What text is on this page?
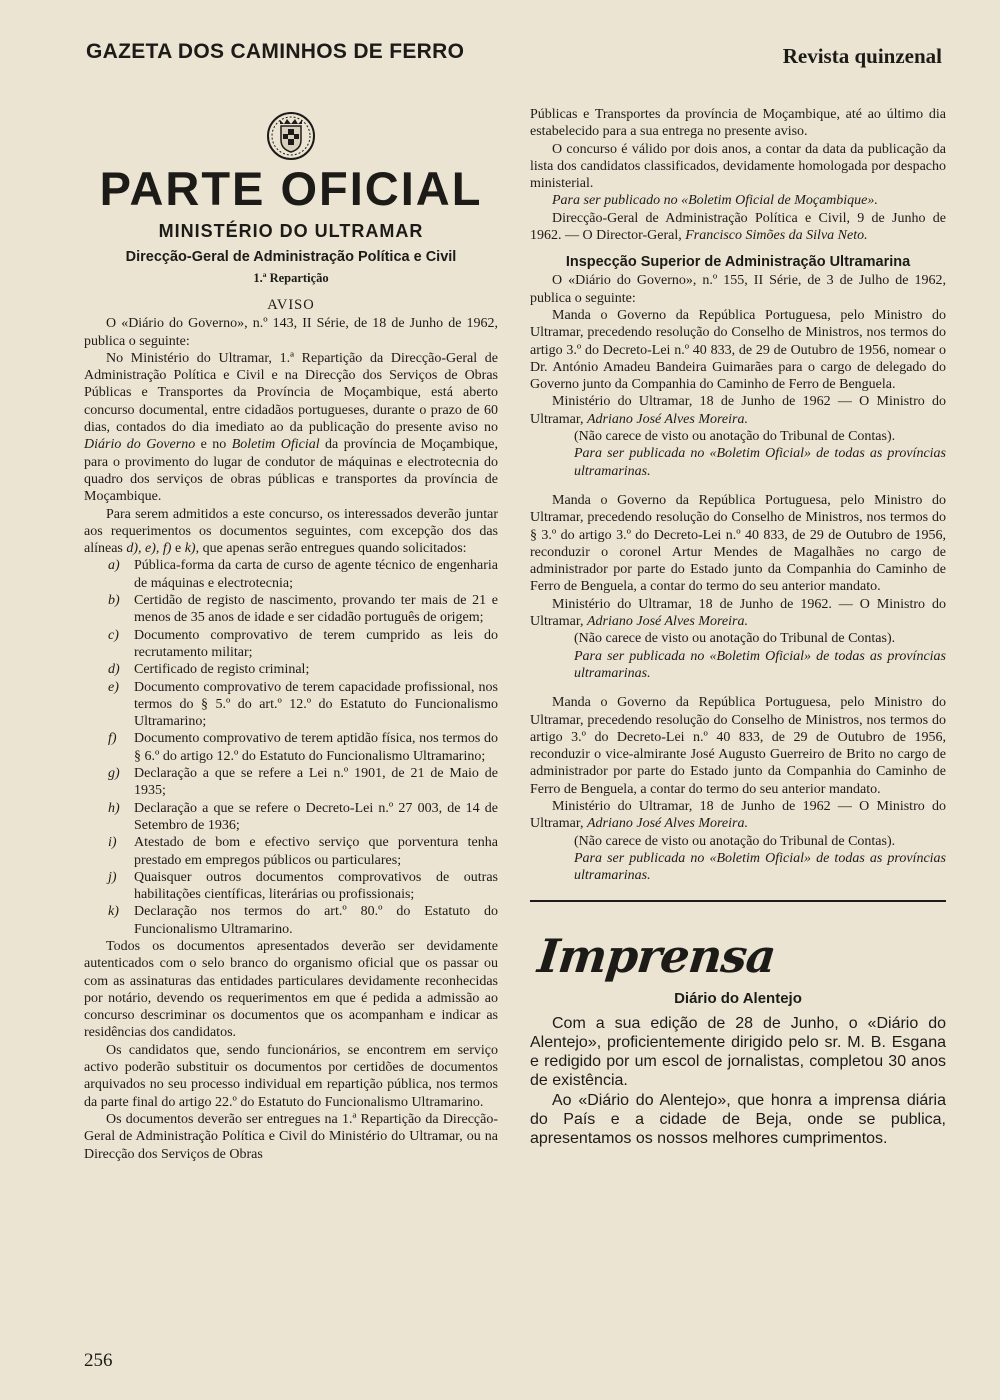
GAZETA DOS CAMINHOS DE FERRO	Revista quinzenal
PARTE OFICIAL
MINISTÉRIO DO ULTRAMAR
Direcção-Geral de Administração Política e Civil
1.ª Repartição
AVISO

O «Diário do Governo», n.º 143, II Série, de 18 de Junho de 1962, publica o seguinte:

No Ministério do Ultramar, 1.ª Repartição da Direcção-Geral de Administração Política e Civil e na Direcção dos Serviços de Obras Públicas e Transportes da Província de Moçambique, está aberto concurso documental, entre cidadãos portugueses, durante o prazo de 60 dias, contados do dia imediato ao da publicação do presente aviso no Diário do Governo e no Boletim Oficial da província de Moçambique, para o provimento do lugar de condutor de máquinas e electrotecnia do quadro dos serviços de obras públicas e transportes da província de Moçambique.

Para serem admitidos a este concurso, os interessados deverão juntar aos requerimentos os documentos seguintes, com excepção dos das alíneas d), e), f) e k), que apenas serão entregues quando solicitados:

a) Pública-forma da carta de curso de agente técnico de engenharia de máquinas e electrotecnia;
b) Certidão de registo de nascimento, provando ter mais de 21 e menos de 35 anos de idade e ser cidadão português de origem;
c) Documento comprovativo de terem cumprido as leis do recrutamento militar;
d) Certificado de registo criminal;
e) Documento comprovativo de terem capacidade profissional, nos termos do § 5.º do art.º 12.º do Estatuto do Funcionalismo Ultramarino;
f) Documento comprovativo de terem aptidão física, nos termos do § 6.º do artigo 12.º do Estatuto do Funcionalismo Ultramarino;
g) Declaração a que se refere a Lei n.º 1901, de 21 de Maio de 1935;
h) Declaração a que se refere o Decreto-Lei n.º 27 003, de 14 de Setembro de 1936;
i) Atestado de bom e efectivo serviço que porventura tenha prestado em empregos públicos ou particulares;
j) Quaisquer outros documentos comprovativos de outras habilitações científicas, literárias ou profissionais;
k) Declaração nos termos do art.º 80.º do Estatuto do Funcionalismo Ultramarino.

Todos os documentos apresentados deverão ser devidamente autenticados com o selo branco do organismo oficial que os passar ou com as assinaturas das entidades particulares devidamente reconhecidas por notário, devendo os requerimentos em que é pedida a admissão ao concurso descriminar os documentos que os acompanham e indicar as residências dos candidatos.

Os candidatos que, sendo funcionários, se encontrem em serviço activo poderão substituir os documentos por certidões de documentos arquivados no seu processo individual em repartição pública, nos termos da parte final do artigo 22.º do Estatuto do Funcionalismo Ultramarino.

Os documentos deverão ser entregues na 1.ª Repartição da Direcção-Geral de Administração Política e Civil do Ministério do Ultramar, ou na Direcção dos Serviços de Obras

Públicas e Transportes da província de Moçambique, até ao último dia estabelecido para a sua entrega no presente aviso.

O concurso é válido por dois anos, a contar da data da publicação da lista dos candidatos classificados, devidamente homologada por despacho ministerial.

Para ser publicado no «Boletim Oficial de Moçambique».

Direcção-Geral de Administração Política e Civil, 9 de Junho de 1962. — O Director-Geral, Francisco Simões da Silva Neto.

Inspecção Superior de Administração Ultramarina

O «Diário do Governo», n.º 155, II Série, de 3 de Julho de 1962, publica o seguinte:

Manda o Governo da República Portuguesa, pelo Ministro do Ultramar, precedendo resolução do Conselho de Ministros, nos termos do artigo 3.º do Decreto-Lei n.º 40 833, de 29 de Outubro de 1956, nomear o Dr. António Amadeu Bandeira Guimarães para o cargo de delegado do Governo junto da Companhia do Caminho de Ferro de Benguela.

Ministério do Ultramar, 18 de Junho de 1962 — O Ministro do Ultramar, Adriano José Alves Moreira.

(Não carece de visto ou anotação do Tribunal de Contas).

Para ser publicada no «Boletim Oficial» de todas as províncias ultramarinas.

Manda o Governo da República Portuguesa, pelo Ministro do Ultramar, precedendo resolução do Conselho de Ministros, nos termos do § 3.º do artigo 3.º do Decreto-Lei n.º 40 833, de 29 de Outubro de 1956, reconduzir o coronel Artur Mendes de Magalhães no cargo de administrador por parte do Estado junto da Companhia do Caminho de Ferro de Benguela, a contar do termo do seu anterior mandato.

Ministério do Ultramar, 18 de Junho de 1962. — O Ministro do Ultramar, Adriano José Alves Moreira.

(Não carece de visto ou anotação do Tribunal de Contas).

Para ser publicada no «Boletim Oficial» de todas as províncias ultramarinas.

Manda o Governo da República Portuguesa, pelo Ministro do Ultramar, precedendo resolução do Conselho de Ministros, nos termos do artigo 3.º do Decreto-Lei n.º 40 833, de 29 de Outubro de 1956, reconduzir o vice-almirante José Augusto Guerreiro de Brito no cargo de administrador por parte do Estado junto da Companhia do Caminho de Ferro de Benguela, a contar do termo do seu anterior mandato.

Ministério do Ultramar, 18 de Junho de 1962 — O Ministro do Ultramar, Adriano José Alves Moreira.

(Não carece de visto ou anotação do Tribunal de Contas).

Para ser publicada no «Boletim Oficial» de todas as províncias ultramarinas.

Imprensa
Diário do Alentejo

Com a sua edição de 28 de Junho, o «Diário do Alentejo», proficientemente dirigido pelo sr. M. B. Esgana e redigido por um escol de jornalistas, completou 30 anos de existência.

Ao «Diário do Alentejo», que honra a imprensa diária do País e a cidade de Beja, onde se publica, apresentamos os nossos melhores cumprimentos.

256
